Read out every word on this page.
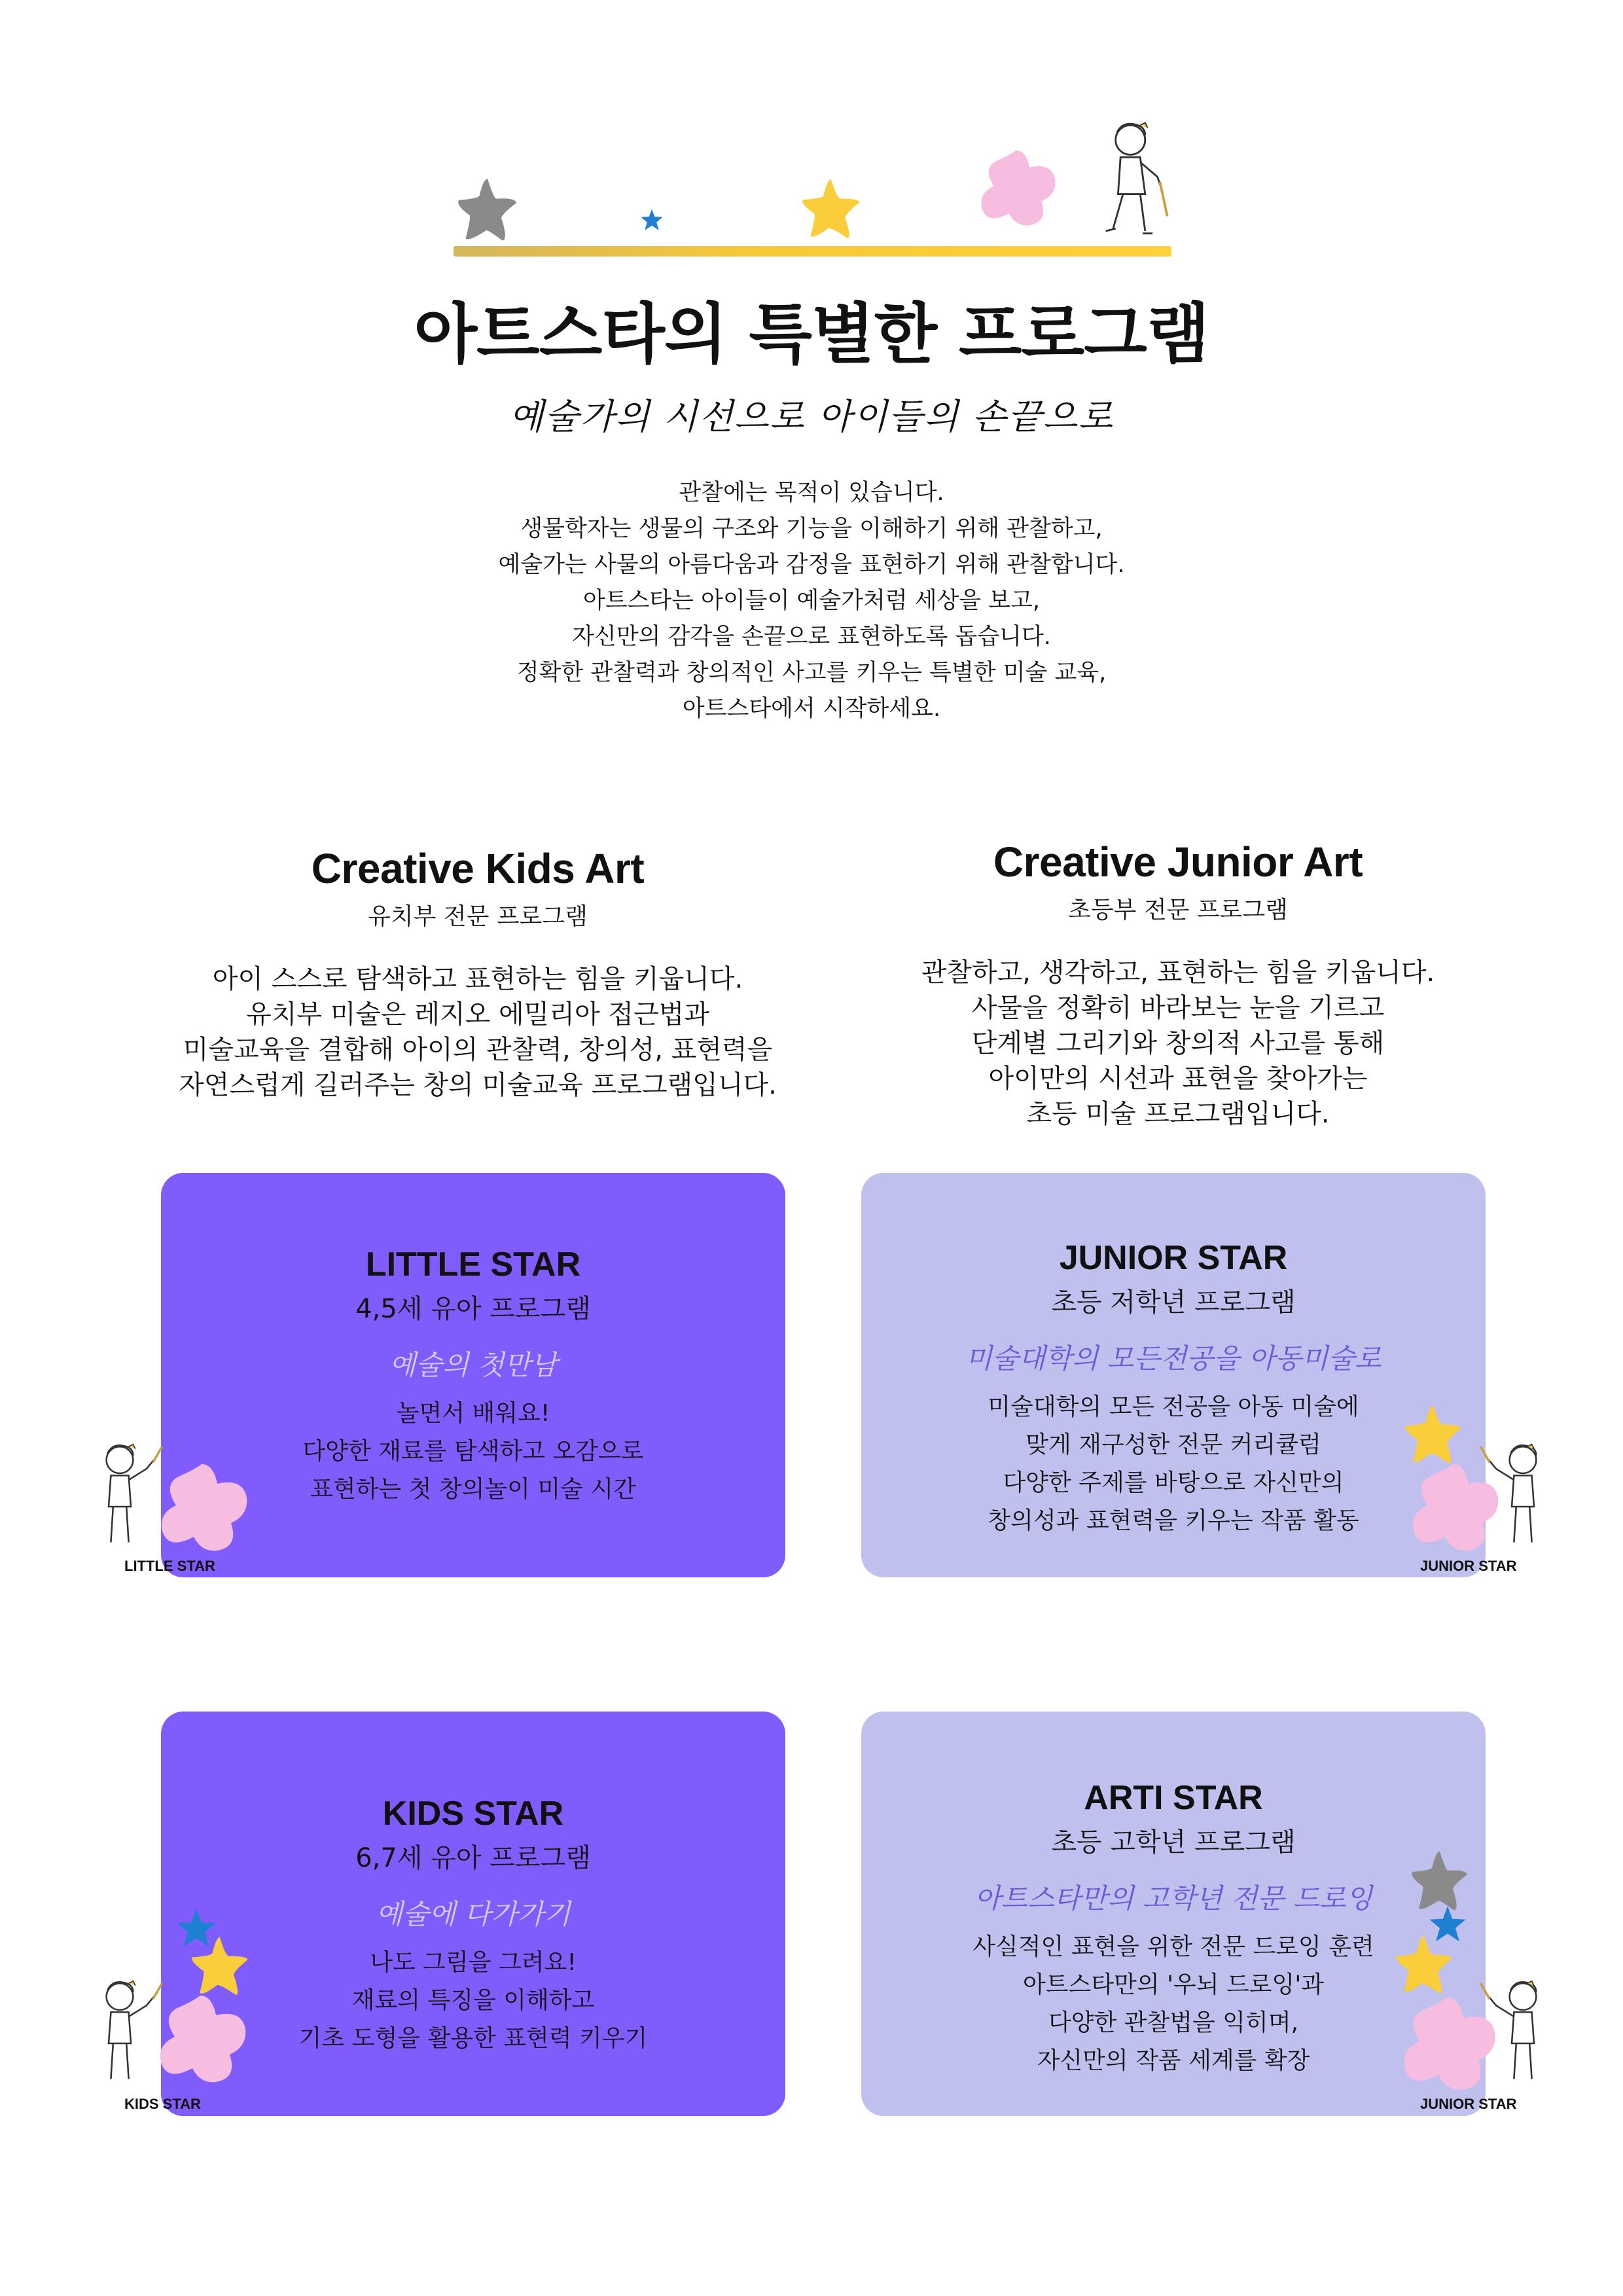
아트스타의 특별한 프로그램
예술가의 시선으로 아이들의 손끝으로
관찰에는 목적이 있습니다.
생물학자는 생물의 구조와 기능을 이해하기 위해 관찰하고,
예술가는 사물의 아름다움과 감정을 표현하기 위해 관찰합니다.
아트스타는 아이들이 예술가처럼 세상을 보고,
자신만의 감각을 손끝으로 표현하도록 돕습니다.
정확한 관찰력과 창의적인 사고를 키우는 특별한 미술 교육,
아트스타에서 시작하세요.
Creative Kids Art
유치부 전문 프로그램
아이 스스로 탐색하고 표현하는 힘을 키웁니다.
유치부 미술은 레지오 에밀리아 접근법과
미술교육을 결합해 아이의 관찰력, 창의성, 표현력을
자연스럽게 길러주는 창의 미술교육 프로그램입니다.
Creative Junior Art
초등부 전문 프로그램
관찰하고, 생각하고, 표현하는 힘을 키웁니다.
사물을 정확히 바라보는 눈을 기르고
단계별 그리기와 창의적 사고를 통해
아이만의 시선과 표현을 찾아가는
초등 미술 프로그램입니다.
LITTLE STAR
4,5세 유아 프로그램
예술의 첫만남
놀면서 배워요!
다양한 재료를 탐색하고 오감으로
표현하는 첫 창의놀이 미술 시간
JUNIOR STAR
초등 저학년 프로그램
미술대학의 모든전공을 아동미술로
미술대학의 모든 전공을 아동 미술에
맞게 재구성한 전문 커리큘럼
다양한 주제를 바탕으로 자신만의
창의성과 표현력을 키우는 작품 활동
KIDS STAR
6,7세 유아 프로그램
예술에 다가가기
나도 그림을 그려요!
재료의 특징을 이해하고
기초 도형을 활용한 표현력 키우기
ARTI STAR
초등 고학년 프로그램
아트스타만의 고학년 전문 드로잉
사실적인 표현을 위한 전문 드로잉 훈련
아트스타만의 '우뇌 드로잉'과
다양한 관찰법을 익히며,
자신만의 작품 세계를 확장
LITTLE STAR	JUNIOR STAR
KIDS STAR	JUNIOR STAR
